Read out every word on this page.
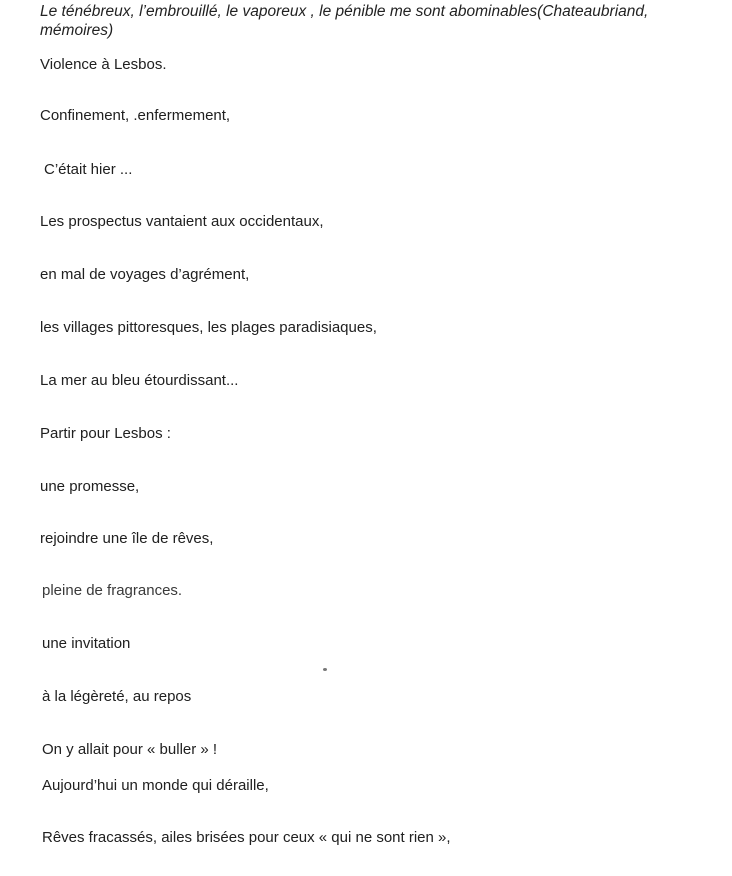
Le ténébreux, l’embrouillé, le vaporeux , le pénible me sont abominables(Chateaubriand, mémoires)
Violence à Lesbos.
Confinement, .enfermement,
C’était hier ...
Les prospectus vantaient aux occidentaux,
en mal de voyages d’agrément,
les villages pittoresques, les plages paradisiaques,
La mer au bleu étourdissant...
Partir pour Lesbos :
une promesse,
rejoindre une île de rêves,
pleine de fragrances.
une invitation
à la légèreté, au repos
On y allait pour « buller » !
Aujourd’hui un monde qui déraille,
Rêves fracassés, ailes brisées pour ceux « qui ne sont rien »,
